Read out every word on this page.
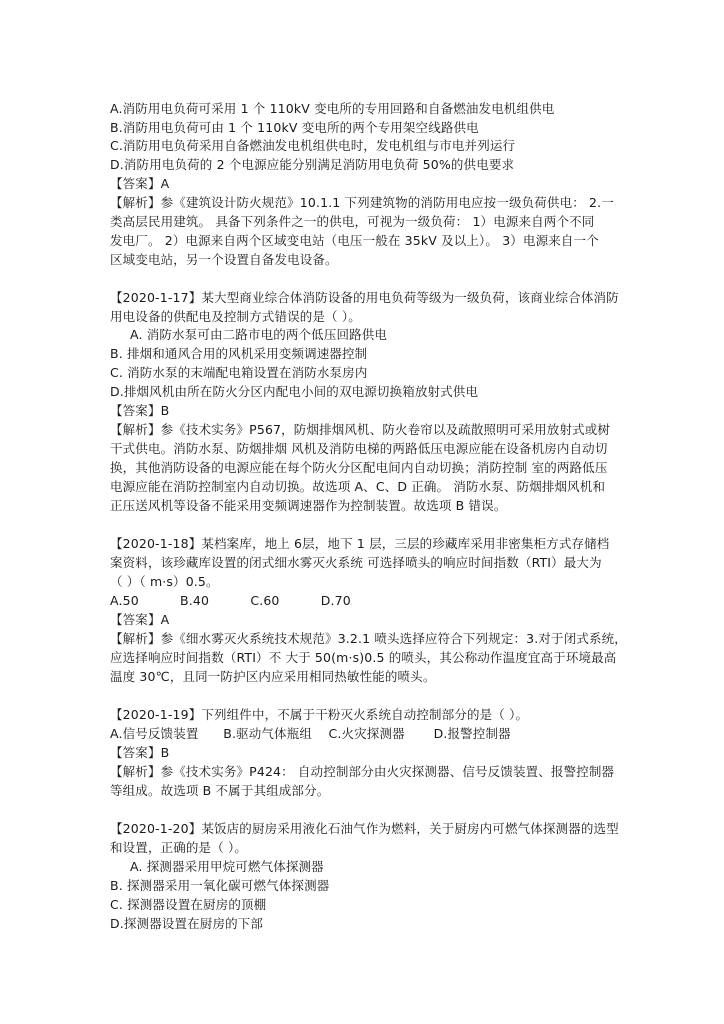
A.消防用电负荷可采用 1 个 110kV 变电所的专用回路和自备燃油发电机组供电

B.消防用电负荷可由 1 个 110kV 变电所的两个专用架空线路供电

C.消防用电负荷采用自备燃油发电机组供电时，发电机组与市电并列运行

D.消防用电负荷的 2 个电源应能分别满足消防用电负荷 50%的供电要求

【答案】A

【解析】参《建筑设计防火规范》10.1.1 下列建筑物的消防用电应按一级负荷供电： 2.一

类高层民用建筑。 具备下列条件之一的供电，可视为一级负荷： 1）电源来自两个不同

发电厂。 2）电源来自两个区域变电站（电压一般在 35kV 及以上）。 3）电源来自一个

区域变电站，另一个设置自备发电设备。

【2020-1-17】某大型商业综合体消防设备的用电负荷等级为一级负荷，该商业综合体消防

用电设备的供配电及控制方式错误的是（ ）。

A. 消防水泵可由二路市电的两个低压回路供电

B. 排烟和通风合用的风机采用变频调速器控制

C. 消防水泵的末端配电箱设置在消防水泵房内

D.排烟风机由所在防火分区内配电小间的双电源切换箱放射式供电

【答案】B

【解析】参《技术实务》P567，防烟排烟风机、防火卷帘以及疏散照明可采用放射式或树

干式供电。消防水泵、防烟排烟 风机及消防电梯的两路低压电源应能在设备机房内自动切

换，其他消防设备的电源应能在每个防火分区配电间内自动切换；消防控制 室的两路低压

电源应能在消防控制室内自动切换。故选项 A、C、D 正确。 消防水泵、防烟排烟风机和

正压送风机等设备不能采用变频调速器作为控制装置。故选项 B 错误。

【2020-1-18】某档案库，地上 6层，地下 1 层，三层的珍藏库采用非密集柜方式存储档

案资料，该珍藏库设置的闭式细水雾灭火系统 可选择喷头的响应时间指数（RTI）最大为

（ ）（ m·s）0.5。

A.50          B.40          C.60          D.70

【答案】A

【解析】参《细水雾灭火系统技术规范》3.2.1 喷头选择应符合下列规定：3.对于闭式系统，

应选择响应时间指数（RTI）不 大于 50(m·s)0.5 的喷头，其公称动作温度宜高于环境最高

温度 30℃，且同一防护区内应采用相同热敏性能的喷头。

【2020-1-19】下列组件中，不属于干粉灭火系统自动控制部分的是（ ）。

A.信号反馈装置      B.驱动气体瓶组    C.火灾探测器       D.报警控制器

【答案】B

【解析】参《技术实务》P424： 自动控制部分由火灾探测器、信号反馈装置、报警控制器

等组成。故选项 B 不属于其组成部分。

【2020-1-20】某饭店的厨房采用液化石油气作为燃料，关于厨房内可燃气体探测器的选型

和设置，正确的是（ ）。

A. 探测器采用甲烷可燃气体探测器

B. 探测器采用一氧化碳可燃气体探测器

C. 探测器设置在厨房的顶棚

D.探测器设置在厨房的下部
